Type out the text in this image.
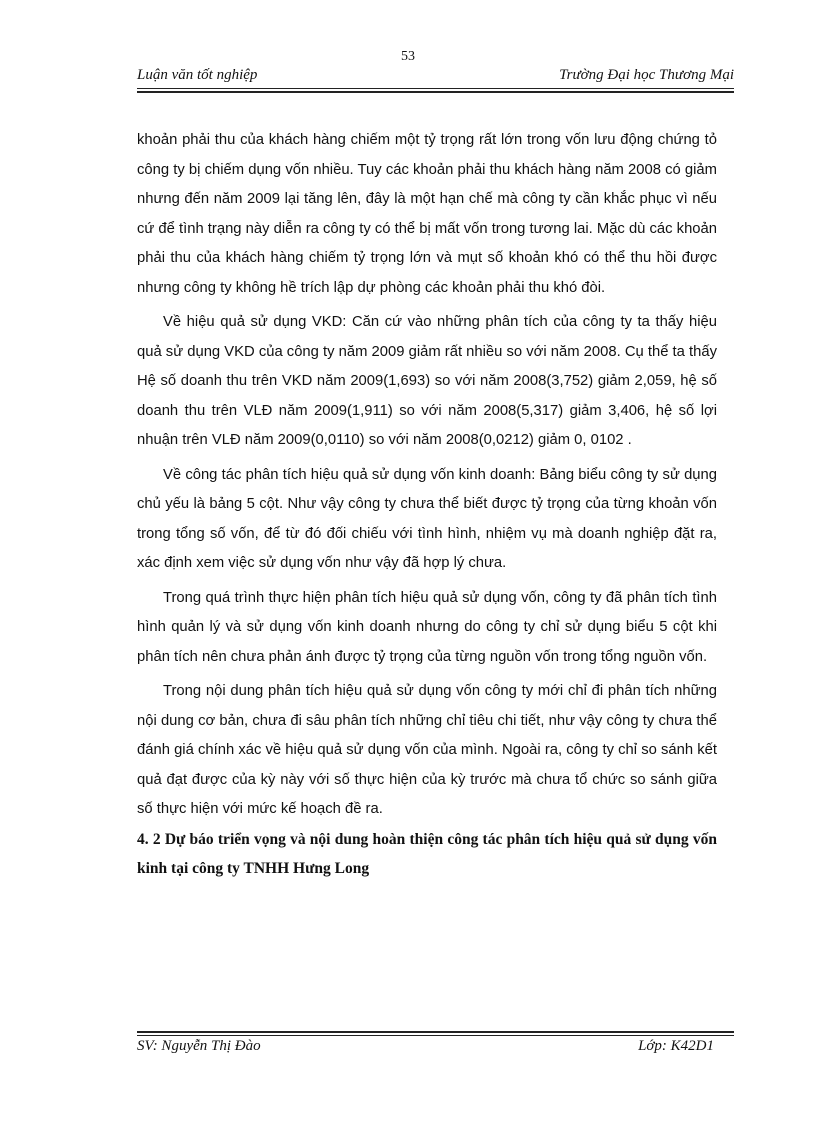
53
Luận văn tốt nghiệp	Trường Đại học Thương Mại

khoản phải thu của khách hàng chiếm một tỷ trọng rất lớn trong vốn lưu động chứng tỏ công ty bị chiếm dụng vốn nhiều. Tuy các khoản phải thu khách hàng năm 2008 có giảm nhưng đến năm 2009 lại tăng lên, đây là một hạn chế mà công ty cần khắc phục vì nếu cứ để tình trạng này diễn ra công ty có thể bị mất vốn trong tương lai. Mặc dù các khoản phải thu của khách hàng chiếm tỷ trọng lớn và mụt số khoản khó có thể thu hồi được nhưng công ty không hề trích lập dự phòng các khoản phải thu khó đòi.

Về hiệu quả sử dụng VKD: Căn cứ vào những phân tích của công ty ta thấy hiệu quả sử dụng VKD của công ty năm 2009 giảm rất nhiều so với năm 2008. Cụ thể ta thấy Hệ số doanh thu trên VKD năm 2009(1,693) so với năm 2008(3,752) giảm 2,059, hệ số doanh thu trên VLĐ năm 2009(1,911) so với năm 2008(5,317) giảm 3,406, hệ số lợi nhuận trên VLĐ năm 2009(0,0110) so với năm 2008(0,0212) giảm 0, 0102 .

Về công tác phân tích hiệu quả sử dụng vốn kinh doanh: Bảng biểu công ty sử dụng chủ yếu là bảng 5 cột. Như vậy công ty chưa thể biết được tỷ trọng của từng khoản vốn trong tổng số vốn, để từ đó đối chiếu với tình hình, nhiệm vụ mà doanh nghiệp đặt ra, xác định xem việc sử dụng vốn như vậy đã hợp lý chưa.

Trong quá trình thực hiện phân tích hiệu quả sử dụng vốn, công ty đã phân tích tình hình quản lý và sử dụng vốn kinh doanh nhưng do công ty chỉ sử dụng biểu 5 cột khi phân tích nên chưa phản ánh được tỷ trọng của từng nguồn vốn trong tổng nguồn vốn.

Trong nội dung phân tích hiệu quả sử dụng vốn công ty mới chỉ đi phân tích những nội dung cơ bản, chưa đi sâu phân tích những chỉ tiêu chi tiết, như vậy công ty chưa thể đánh giá chính xác về hiệu quả sử dụng vốn của mình. Ngoài ra, công ty chỉ so sánh kết quả đạt được của kỳ này với số thực hiện của kỳ trước mà chưa tổ chức so sánh giữa số thực hiện với mức kế hoạch đề ra.

4. 2 Dự báo triển vọng và nội dung hoàn thiện công tác phân tích hiệu quả sử dụng vốn kinh tại công ty TNHH Hưng Long
SV: Nguyễn Thị Đào	Lớp: K42D1
